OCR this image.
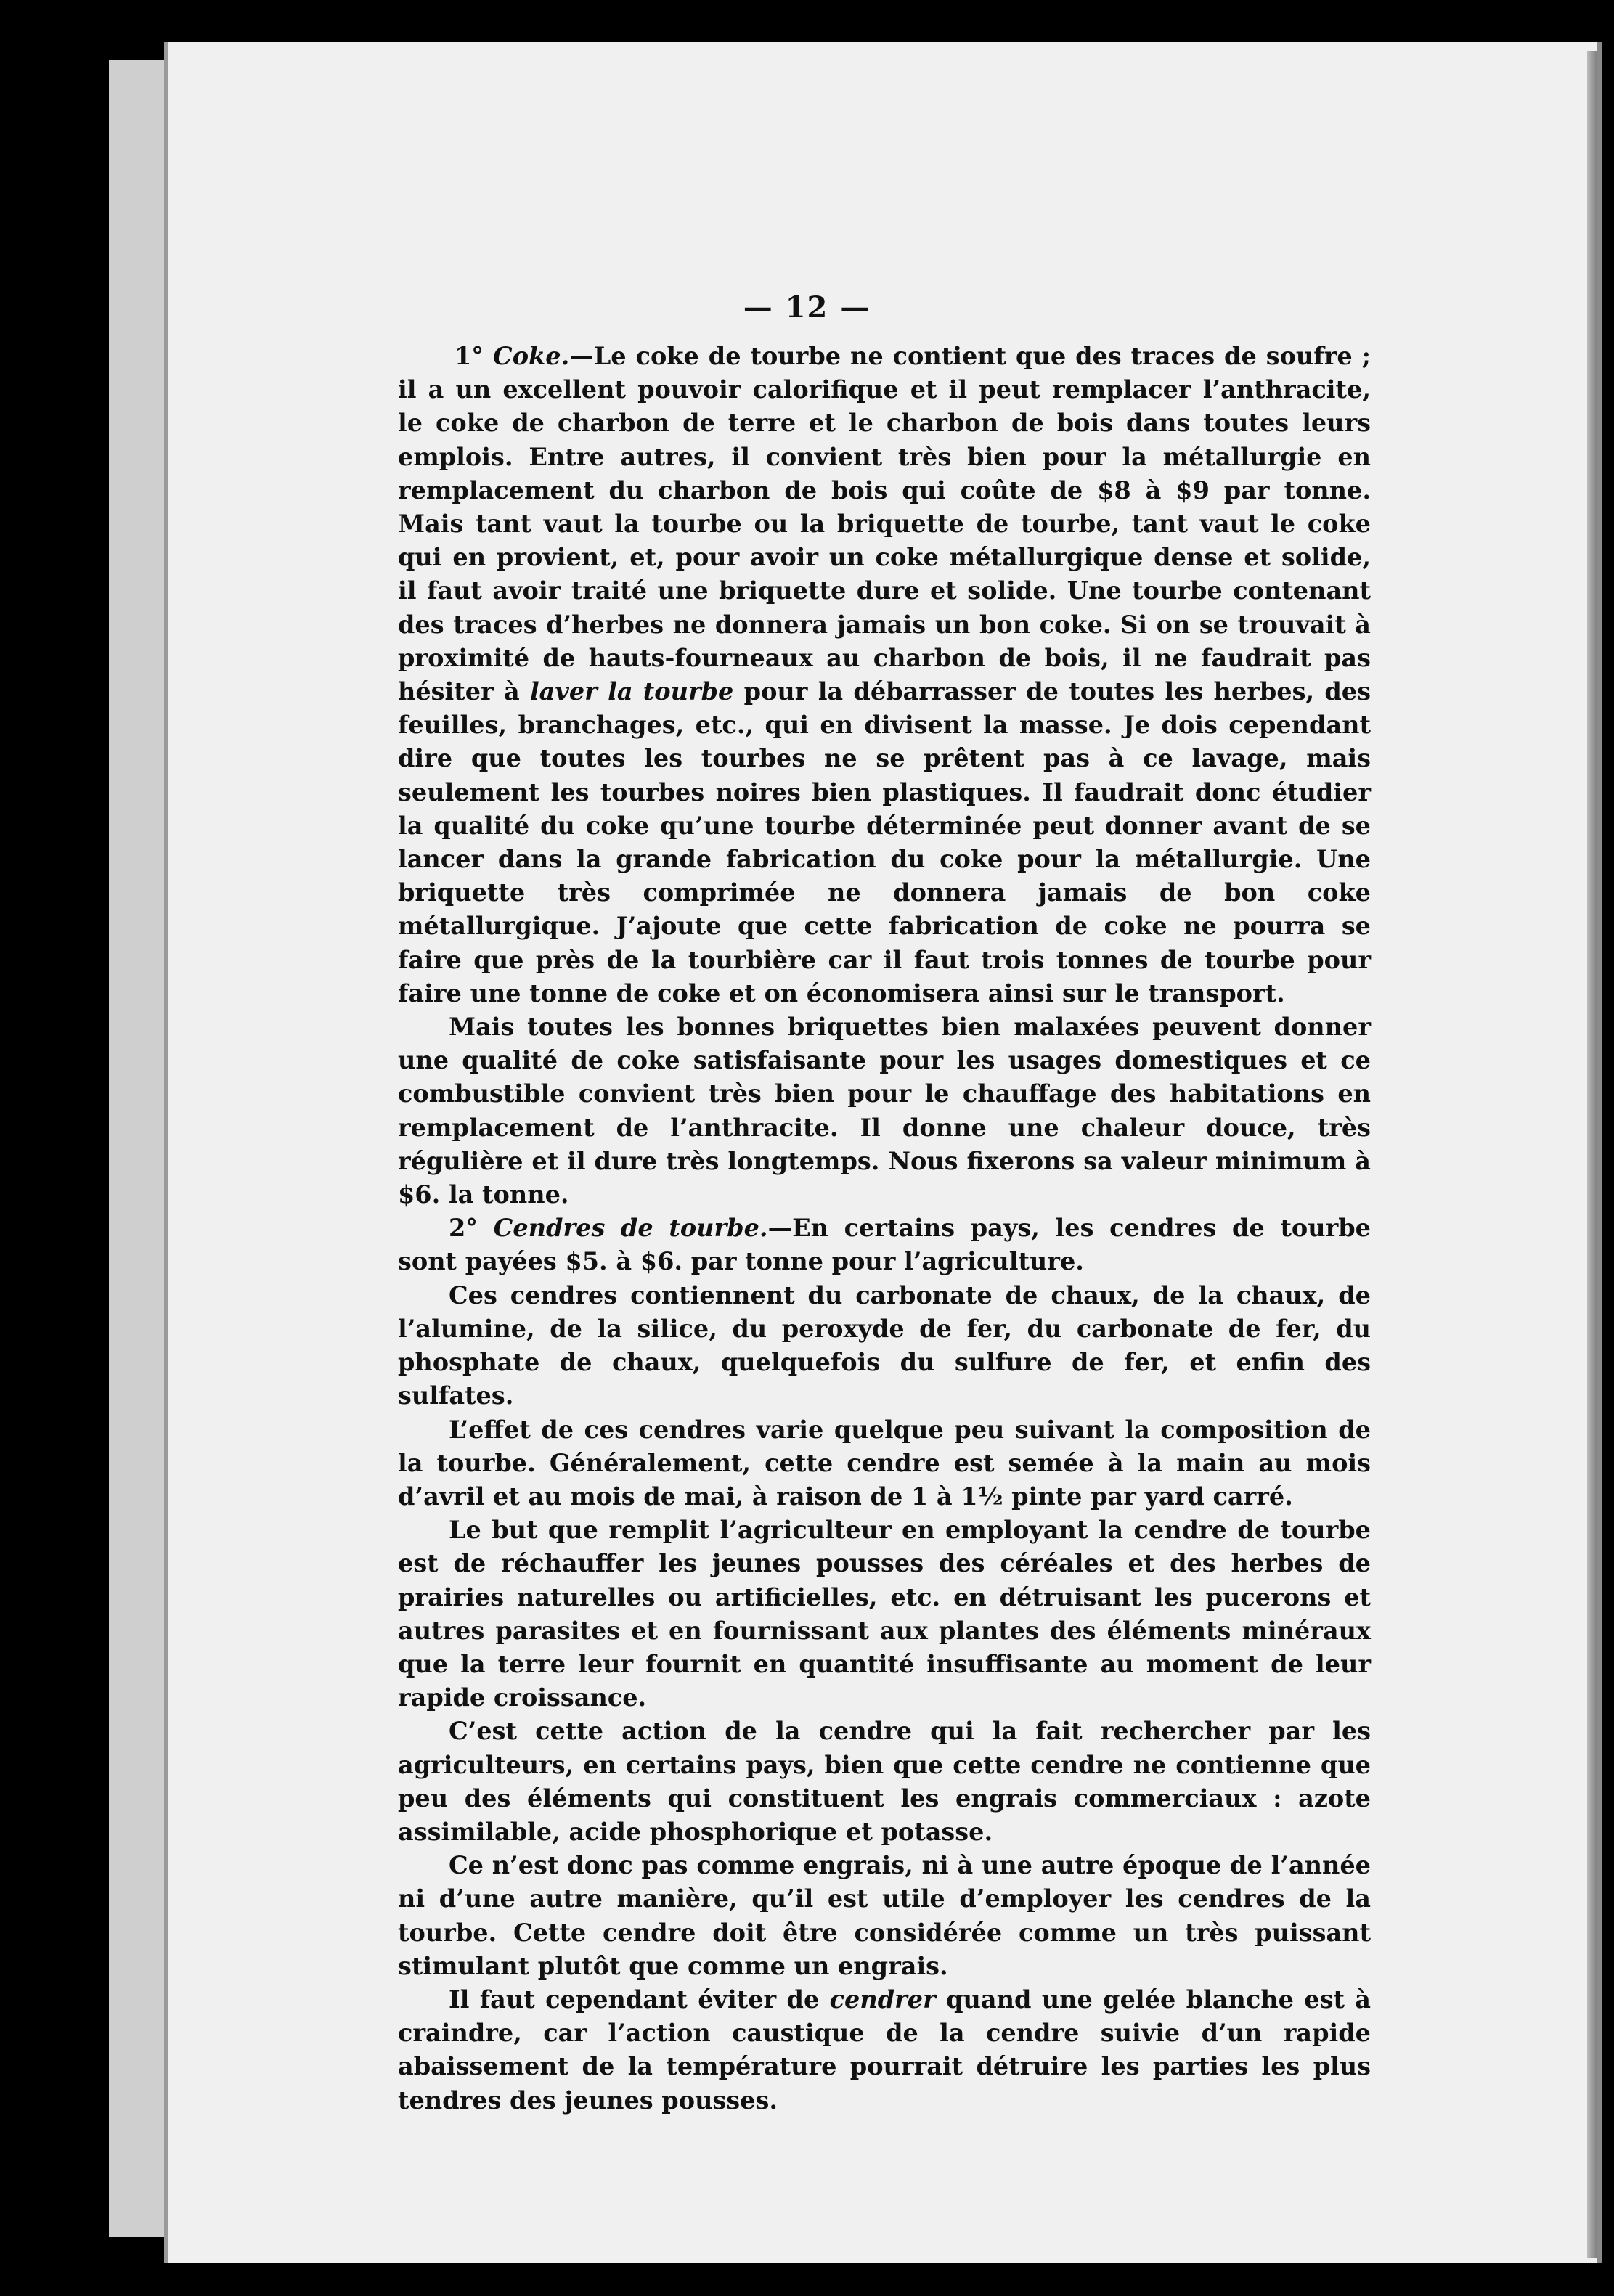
— 12 —

1° Coke.—Le coke de tourbe ne contient que des traces de soufre ; il a un excellent pouvoir calorifique et il peut remplacer l’anthracite, le coke de charbon de terre et le charbon de bois dans toutes leurs emplois. Entre autres, il convient très bien pour la métallurgie en remplacement du charbon de bois qui coûte de $8 à $9 par tonne. Mais tant vaut la tourbe ou la briquette de tourbe, tant vaut le coke qui en provient, et, pour avoir un coke métallurgique dense et solide, il faut avoir traité une briquette dure et solide. Une tourbe contenant des traces d’herbes ne donnera jamais un bon coke. Si on se trouvait à proximité de hauts-fourneaux au charbon de bois, il ne faudrait pas hésiter à laver la tourbe pour la débarrasser de toutes les herbes, des feuilles, branchages, etc., qui en divisent la masse. Je dois cependant dire que toutes les tourbes ne se prêtent pas à ce lavage, mais seulement les tourbes noires bien plastiques. Il faudrait donc étudier la qualité du coke qu’une tourbe déterminée peut donner avant de se lancer dans la grande fabrication du coke pour la métallurgie. Une briquette très comprimée ne donnera jamais de bon coke métallurgique. J’ajoute que cette fabrication de coke ne pourra se faire que près de la tourbière car il faut trois tonnes de tourbe pour faire une tonne de coke et on économisera ainsi sur le transport.

Mais toutes les bonnes briquettes bien malaxées peuvent donner une qualité de coke satisfaisante pour les usages domestiques et ce combustible convient très bien pour le chauffage des habitations en remplacement de l’anthracite. Il donne une chaleur douce, très régulière et il dure très longtemps. Nous fixerons sa valeur minimum à $6. la tonne.

2° Cendres de tourbe.—En certains pays, les cendres de tourbe sont payées $5. à $6. par tonne pour l’agriculture.

Ces cendres contiennent du carbonate de chaux, de la chaux, de l’alumine, de la silice, du peroxyde de fer, du carbonate de fer, du phosphate de chaux, quelquefois du sulfure de fer, et enfin des sulfates.

L’effet de ces cendres varie quelque peu suivant la composition de la tourbe. Généralement, cette cendre est semée à la main au mois d’avril et au mois de mai, à raison de 1 à 1½ pinte par yard carré.

Le but que remplit l’agriculteur en employant la cendre de tourbe est de réchauffer les jeunes pousses des céréales et des herbes de prairies naturelles ou artificielles, etc. en détruisant les pucerons et autres parasites et en fournissant aux plantes des éléments minéraux que la terre leur fournit en quantité insuffisante au moment de leur rapide croissance.

C’est cette action de la cendre qui la fait rechercher par les agriculteurs, en certains pays, bien que cette cendre ne contienne que peu des éléments qui constituent les engrais commerciaux : azote assimilable, acide phosphorique et potasse.

Ce n’est donc pas comme engrais, ni à une autre époque de l’année ni d’une autre manière, qu’il est utile d’employer les cendres de la tourbe. Cette cendre doit être considérée comme un très puissant stimulant plutôt que comme un engrais.

Il faut cependant éviter de cendrer quand une gelée blanche est à craindre, car l’action caustique de la cendre suivie d’un rapide abaissement de la température pourrait détruire les parties les plus tendres des jeunes pousses.
